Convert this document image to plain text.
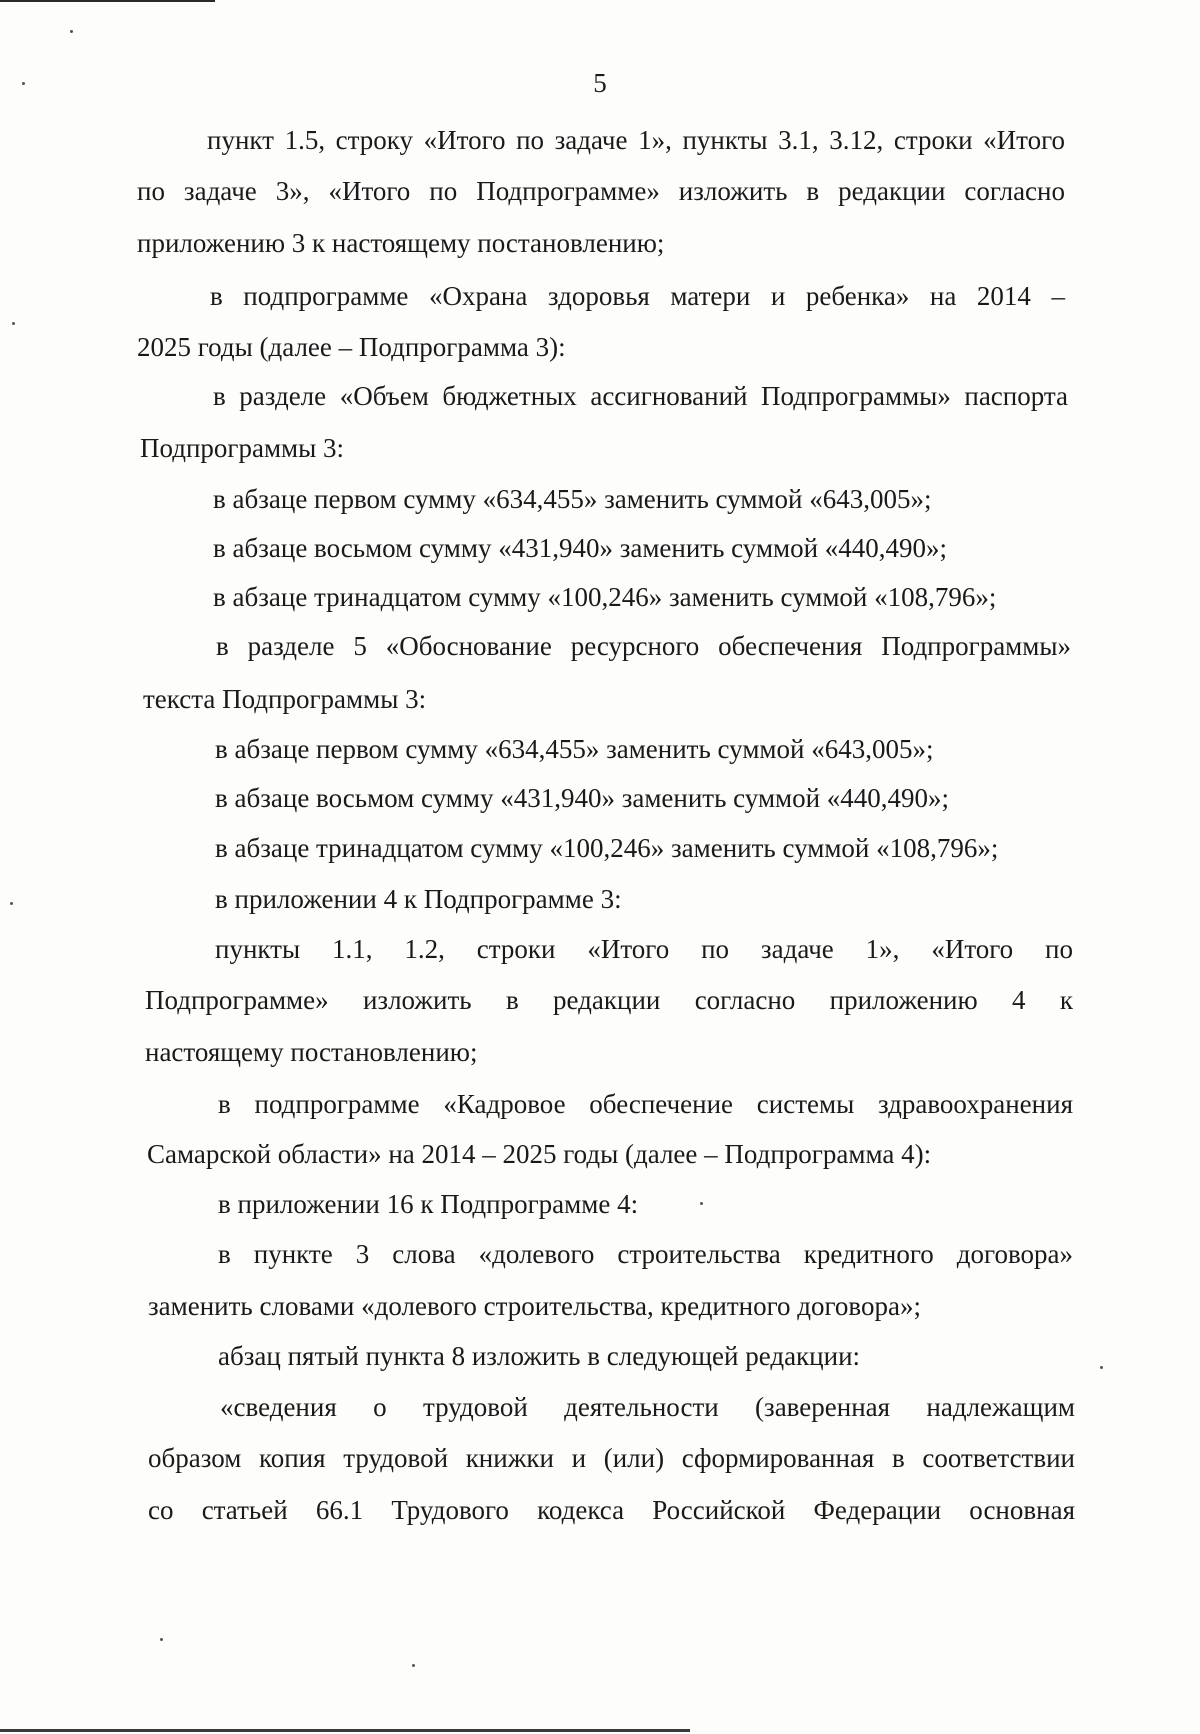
5
пункт 1.5, строку «Итого по задаче 1», пункты 3.1, 3.12, строки «Итого
по задаче 3», «Итого по Подпрограмме» изложить в редакции согласно
приложению 3 к настоящему постановлению;
в подпрограмме «Охрана здоровья матери и ребенка» на 2014 –
2025 годы (далее – Подпрограмма 3):
в разделе «Объем бюджетных ассигнований Подпрограммы» паспорта
Подпрограммы 3:
в абзаце первом сумму «634,455» заменить суммой «643,005»;
в абзаце восьмом сумму «431,940» заменить суммой «440,490»;
в абзаце тринадцатом сумму «100,246» заменить суммой «108,796»;
в разделе 5 «Обоснование ресурсного обеспечения Подпрограммы»
текста Подпрограммы 3:
в абзаце первом сумму «634,455» заменить суммой «643,005»;
в абзаце восьмом сумму «431,940» заменить суммой «440,490»;
в абзаце тринадцатом сумму «100,246» заменить суммой «108,796»;
в приложении 4 к Подпрограмме 3:
пункты 1.1, 1.2, строки «Итого по задаче 1», «Итого по
Подпрограмме» изложить в редакции согласно приложению 4 к
настоящему постановлению;
в подпрограмме «Кадровое обеспечение системы здравоохранения
Самарской области» на 2014 – 2025 годы (далее – Подпрограмма 4):
в приложении 16 к Подпрограмме 4:
в пункте 3 слова «долевого строительства кредитного договора»
заменить словами «долевого строительства, кредитного договора»;
абзац пятый пункта 8 изложить в следующей редакции:
«сведения о трудовой деятельности (заверенная надлежащим
образом копия трудовой книжки и (или) сформированная в соответствии
со статьей 66.1 Трудового кодекса Российской Федерации основная
